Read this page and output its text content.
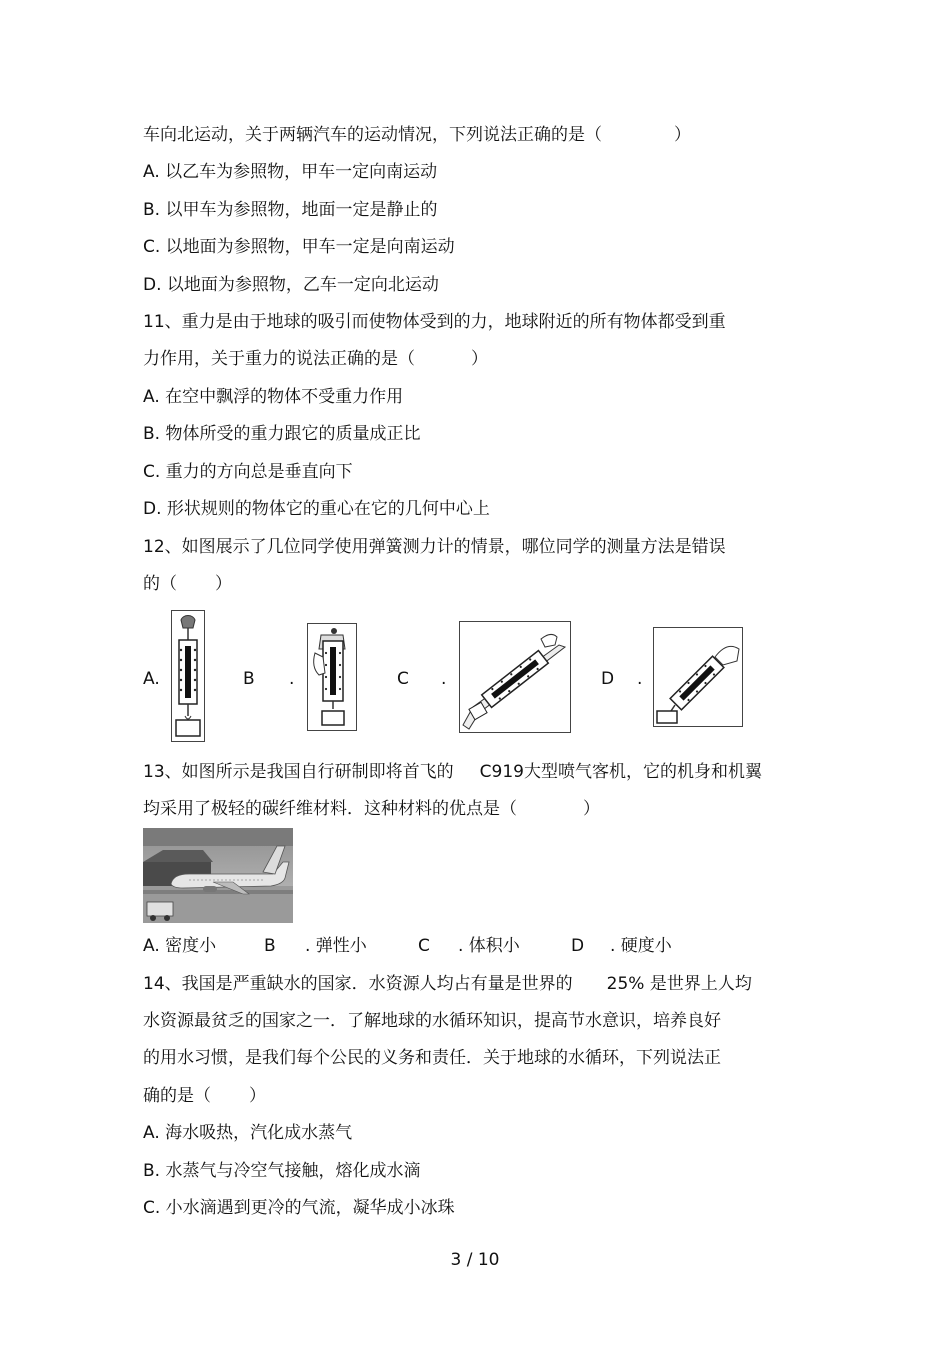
车向北运动，关于两辆汽车的运动情况，下列说法正确的是（	）
A. 以乙车为参照物，甲车一定向南运动
B. 以甲车为参照物，地面一定是静止的
C. 以地面为参照物，甲车一定是向南运动
D. 以地面为参照物，乙车一定向北运动
11、重力是由于地球的吸引而使物体受到的力，地球附近的所有物体都受到重
力作用，关于重力的说法正确的是（	）
A. 在空中飘浮的物体不受重力作用
B. 物体所受的重力跟它的质量成正比
C. 重力的方向总是垂直向下
D. 形状规则的物体它的重心在它的几何中心上
12、如图展示了几位同学使用弹簧测力计的情景，哪位同学的测量方法是错误
的（ ）
A.	B .	C .	D .
13、如图所示是我国自行研制即将首飞的 C919大型喷气客机，它的机身和机翼
均采用了极轻的碳纤维材料．这种材料的优点是（	）
A. 密度小	B . 弹性小	C . 体积小	D . 硬度小
14、我国是严重缺水的国家．水资源人均占有量是世界的 25% 是世界上人均
水资源最贫乏的国家之一．了解地球的水循环知识，提高节水意识，培养良好
的用水习惯，是我们每个公民的义务和责任．关于地球的水循环，下列说法正
确的是（ ）
A. 海水吸热，汽化成水蒸气
B. 水蒸气与冷空气接触，熔化成水滴
C. 小水滴遇到更冷的气流，凝华成小冰珠
3 / 10
